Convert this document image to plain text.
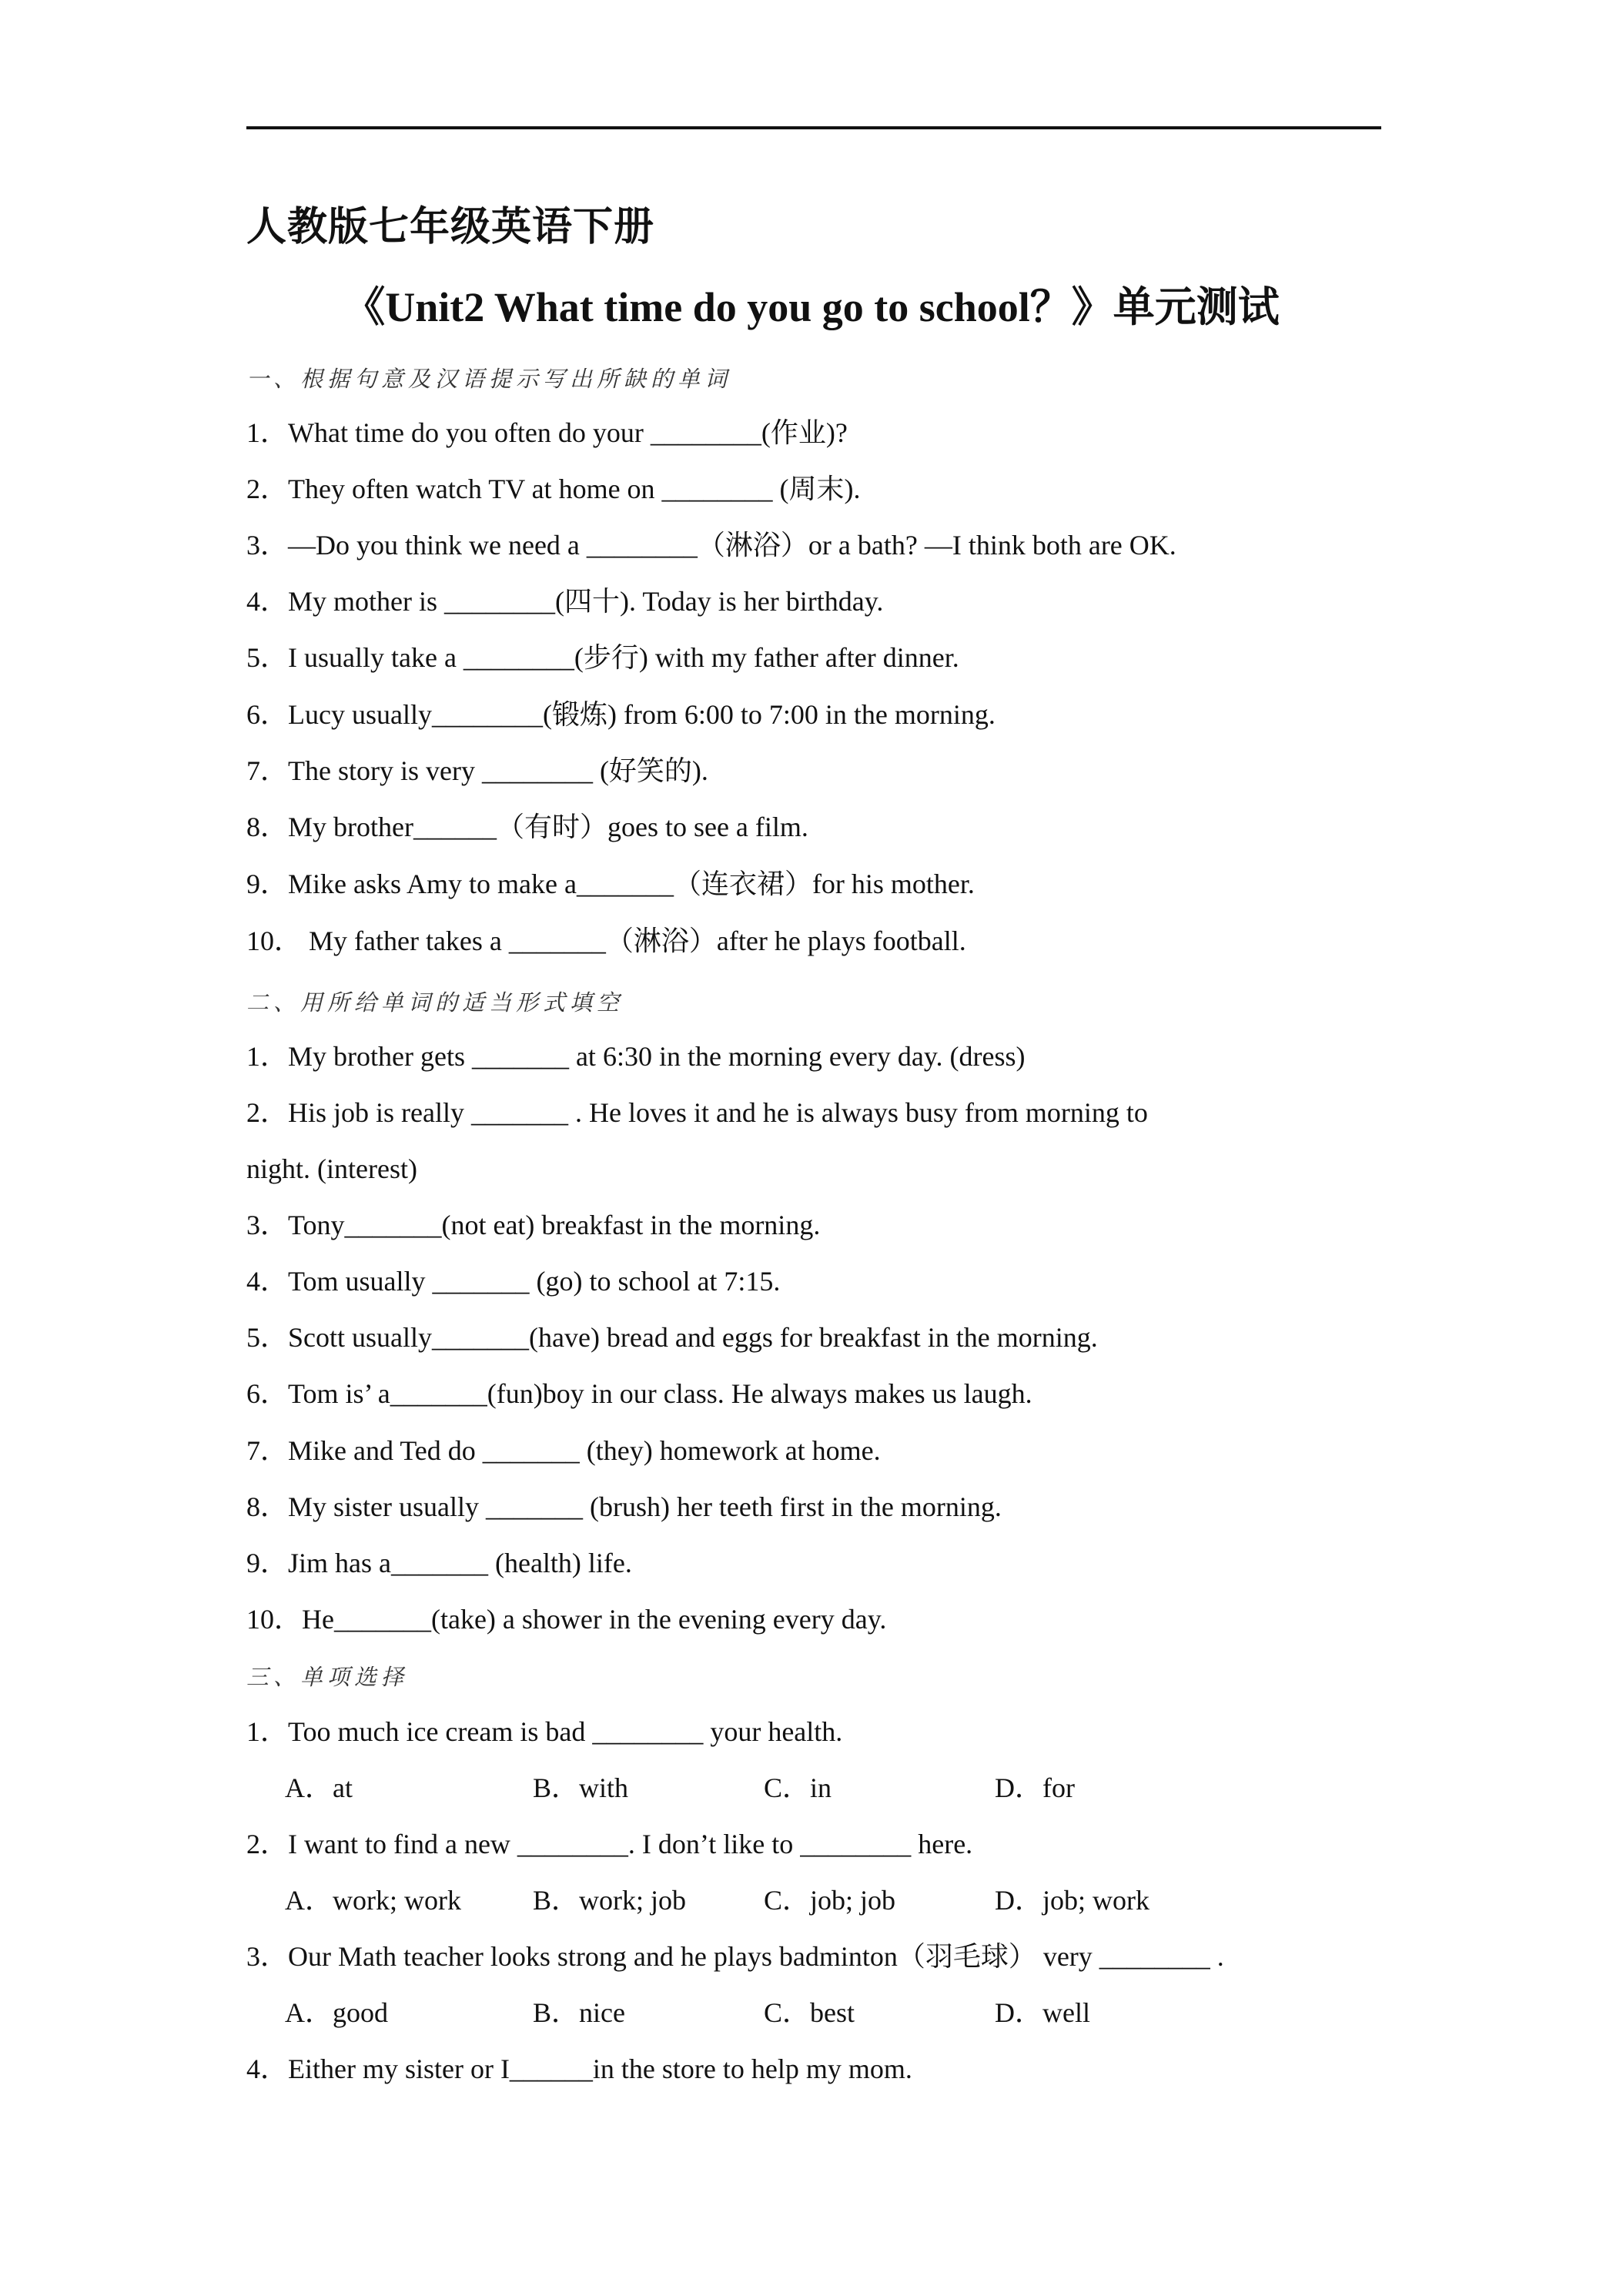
人教版七年级英语下册
《Unit2 What time do you go to school？》单元测试
一、根据句意及汉语提示写出所缺的单词
1．What time do you often do your ________(作业)?
2．They often watch TV at home on ________ (周末).
3．—Do you think we need a ________（淋浴）or a bath? —I think both are OK.
4．My mother is ________(四十). Today is her birthday.
5．I usually take a ________(步行) with my father after dinner.
6．Lucy usually________(锻炼) from 6:00 to 7:00 in the morning.
7．The story is very ________ (好笑的).
8．My brother______（有时）goes to see a film.
9．Mike asks Amy to make a_______（连衣裙）for his mother.
10． My father takes a _______（淋浴）after he plays football.
二、用所给单词的适当形式填空
1．My brother gets _______ at 6:30 in the morning every day. (dress)
2．His job is really _______ . He loves it and he is always busy from morning to
night. (interest)
3．Tony_______(not eat) breakfast in the morning.
4．Tom usually _______ (go) to school at 7:15.
5．Scott usually_______(have) bread and eggs for breakfast in the morning.
6．Tom is’ a_______(fun)boy in our class. He always makes us laugh.
7．Mike and Ted do _______ (they) homework at home.
8．My sister usually _______ (brush) her teeth first in the morning.
9．Jim has a_______ (health) life.
10．He_______(take) a shower in the evening every day.
三、单项选择
1．Too much ice cream is bad ________ your health.
A．at	B．with	C．in	D．for
2．I want to find a new ________. I don’t like to ________ here.
A．work; work	B．work; job	C．job; job	D．job; work
3．Our Math teacher looks strong and he plays badminton（羽毛球） very ________ .
A．good	B．nice	C．best	D．well
4．Either my sister or I______in the store to help my mom.
